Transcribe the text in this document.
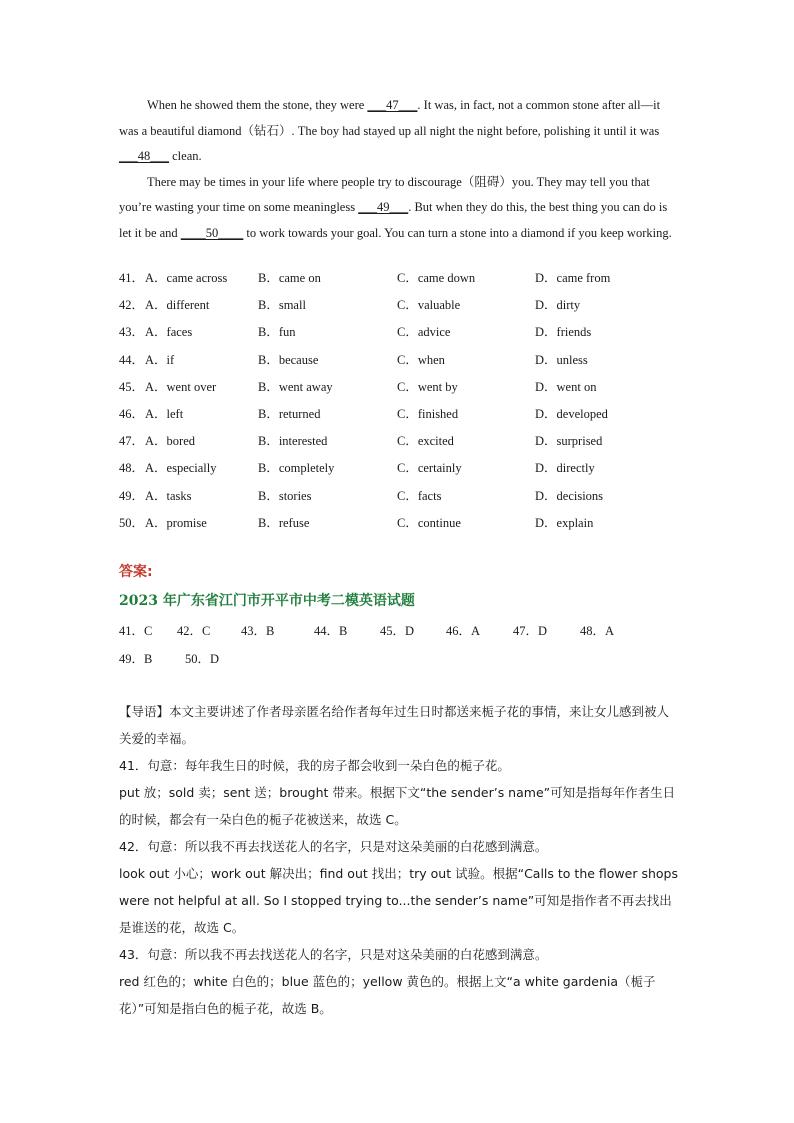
When he showed them the stone, they were ___47___. It was, in fact, not a common stone after all—it was a beautiful diamond（钻石）. The boy had stayed up all night the night before, polishing it until it was ___48___ clean.

There may be times in your life where people try to discourage（阻碍）you. They may tell you that you’re wasting your time on some meaningless ___49___. But when they do this, the best thing you can do is let it be and ____50____ to work towards your goal. You can turn a stone into a diamond if you keep working.

41． A．came across B．came on	C．came down	D．came from
42． A．different	B．small	C．valuable	D．dirty
43． A．faces	B．fun	C．advice	D．friends
44． A．if	B．because	C．when	D．unless
45． A．went over	B．went away	C．went by	D．went on
46． A．left	B．returned	C．finished	D．developed
47． A．bored	B．interested	C．excited	D．surprised
48． A．especially	B．completely	C．certainly	D．directly
49． A．tasks	B．stories	C．facts	D．decisions
50． A．promise	B．refuse	C．continue	D．explain
答案:
2023 年广东省江门市开平市中考二模英语试题
41．C 42．C 43．B	44．B	45．D	46．A	47．D	48．A
49．B	50．D

【导语】本文主要讲述了作者母亲匿名给作者每年过生日时都送来栀子花的事情，来让女儿感到被人关爱的幸福。

41．句意：每年我生日的时候，我的房子都会收到一朵白色的栀子花。

put 放；sold 卖；sent 送；brought 带来。根据下文“the sender’s name”可知是指每年作者生日的时候，都会有一朵白色的栀子花被送来，故选 C。

42．句意：所以我不再去找送花人的名字，只是对这朵美丽的白花感到满意。

look out 小心；work out 解决出；find out 找出；try out 试验。根据“Calls to the flower shops were not helpful at all. So I stopped trying to...the sender’s name”可知是指作者不再去找出是谁送的花，故选 C。

43．句意：所以我不再去找送花人的名字，只是对这朵美丽的白花感到满意。

red 红色的；white 白色的；blue 蓝色的；yellow 黄色的。根据上文“a white gardenia（栀子花）”可知是指白色的栀子花，故选 B。
